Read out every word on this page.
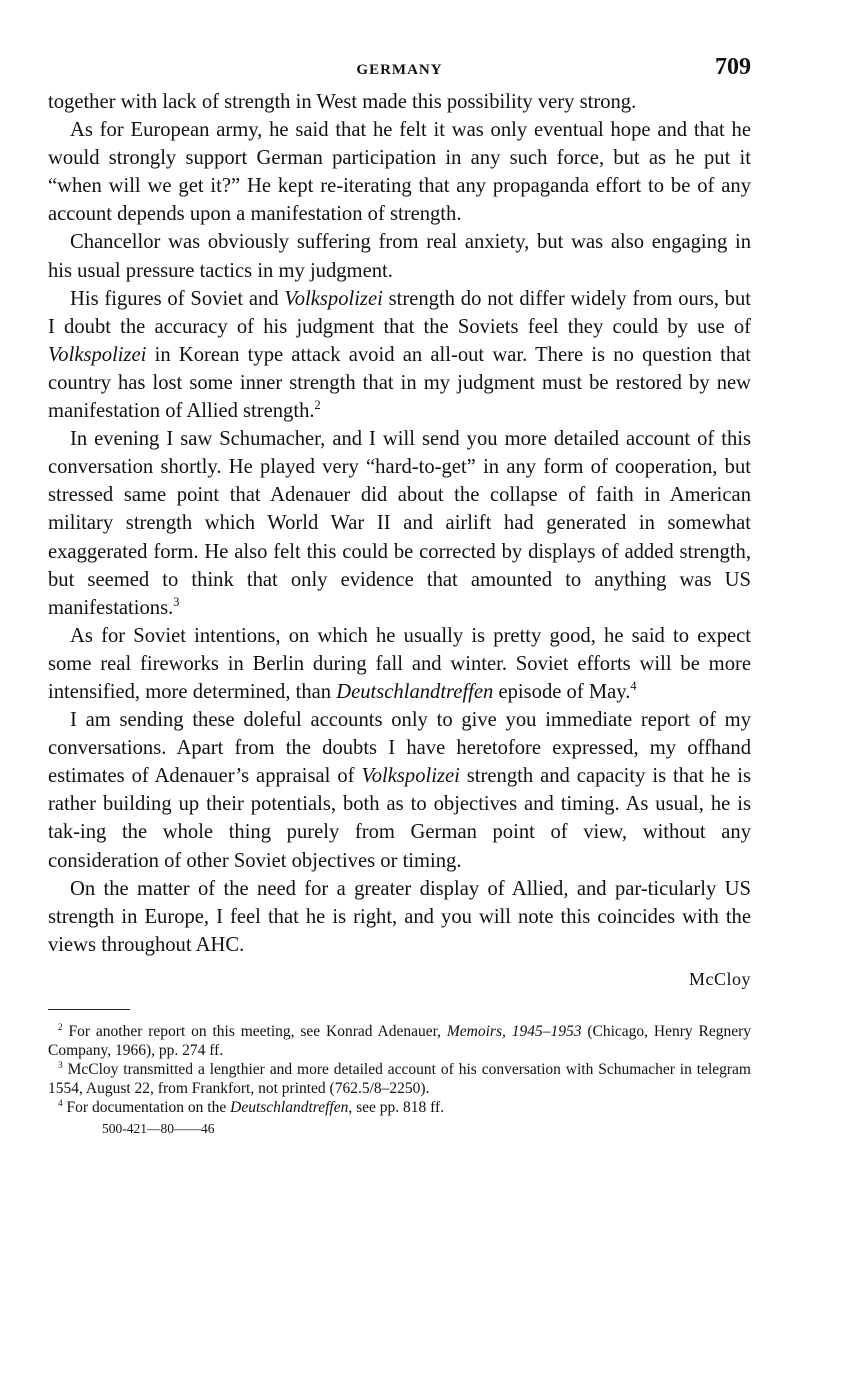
GERMANY	709

together with lack of strength in West made this possibility very strong.

As for European army, he said that he felt it was only eventual hope and that he would strongly support German participation in any such force, but as he put it “when will we get it?” He kept re-iterating that any propaganda effort to be of any account depends upon a manifestation of strength.

Chancellor was obviously suffering from real anxiety, but was also engaging in his usual pressure tactics in my judgment.

His figures of Soviet and Volkspolizei strength do not differ widely from ours, but I doubt the accuracy of his judgment that the Soviets feel they could by use of Volkspolizei in Korean type attack avoid an all-out war. There is no question that country has lost some inner strength that in my judgment must be restored by new manifestation of Allied strength.$^2$

In evening I saw Schumacher, and I will send you more detailed account of this conversation shortly. He played very “hard-to-get” in any form of cooperation, but stressed same point that Adenauer did about the collapse of faith in American military strength which World War II and airlift had generated in somewhat exaggerated form. He also felt this could be corrected by displays of added strength, but seemed to think that only evidence that amounted to anything was US manifestations.$^3$

As for Soviet intentions, on which he usually is pretty good, he said to expect some real fireworks in Berlin during fall and winter. Soviet efforts will be more intensified, more determined, than Deutschlandtreffen episode of May.$^4$

I am sending these doleful accounts only to give you immediate report of my conversations. Apart from the doubts I have heretofore expressed, my offhand estimates of Adenauer’s appraisal of Volkspolizei strength and capacity is that he is rather building up their potentials, both as to objectives and timing. As usual, he is tak-ing the whole thing purely from German point of view, without any consideration of other Soviet objectives or timing.

On the matter of the need for a greater display of Allied, and par-ticularly US strength in Europe, I feel that he is right, and you will note this coincides with the views throughout AHC.

McCloy

$^2$ For another report on this meeting, see Konrad Adenauer, Memoirs, 1945–1953 (Chicago, Henry Regnery Company, 1966), pp. 274 ff.

$^3$ McCloy transmitted a lengthier and more detailed account of his conversation with Schumacher in telegram 1554, August 22, from Frankfort, not printed (762.5/8–2250).

$^4$ For documentation on the Deutschlandtreffen, see pp. 818 ff.

500-421—80——46
